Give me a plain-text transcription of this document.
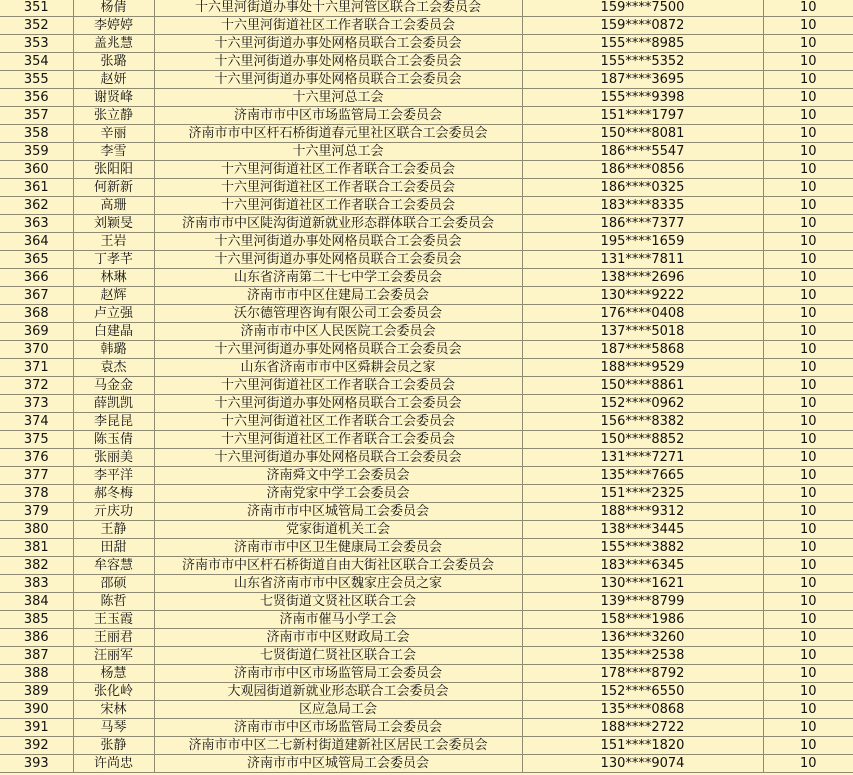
351	杨倩	十六里河街道办事处十六里河管区联合工会委员会	159****7500	10
352	李婷婷	十六里河街道社区工作者联合工会委员会	159****0872	10
353	盖兆慧	十六里河街道办事处网格员联合工会委员会	155****8985	10
354	张璐	十六里河街道办事处网格员联合工会委员会	155****5352	10
355	赵妍	十六里河街道办事处网格员联合工会委员会	187****3695	10
356	谢贤峰	十六里河总工会	155****9398	10
357	张立静	济南市市中区市场监管局工会委员会	151****1797	10
358	辛丽	济南市市中区杆石桥街道春元里社区联合工会委员会	150****8081	10
359	李雪	十六里河总工会	186****5547	10
360	张阳阳	十六里河街道社区工作者联合工会委员会	186****0856	10
361	何新新	十六里河街道社区工作者联合工会委员会	186****0325	10
362	高珊	十六里河街道社区工作者联合工会委员会	183****8335	10
363	刘颖旻	济南市市中区陡沟街道新就业形态群体联合工会委员会	186****7377	10
364	王岩	十六里河街道办事处网格员联合工会委员会	195****1659	10
365	丁孝芊	十六里河街道办事处网格员联合工会委员会	131****7811	10
366	林琳	山东省济南第二十七中学工会委员会	138****2696	10
367	赵辉	济南市市中区住建局工会委员会	130****9222	10
368	卢立强	沃尔德管理咨询有限公司工会委员会	176****0408	10
369	白建晶	济南市市中区人民医院工会委员会	137****5018	10
370	韩璐	十六里河街道办事处网格员联合工会委员会	187****5868	10
371	袁杰	山东省济南市市中区舜耕会员之家	188****9529	10
372	马金金	十六里河街道社区工作者联合工会委员会	150****8861	10
373	薛凯凯	十六里河街道办事处网格员联合工会委员会	152****0962	10
374	李昆昆	十六里河街道社区工作者联合工会委员会	156****8382	10
375	陈玉倩	十六里河街道社区工作者联合工会委员会	150****8852	10
376	张丽美	十六里河街道办事处网格员联合工会委员会	131****7271	10
377	李平洋	济南舜文中学工会委员会	135****7665	10
378	郝冬梅	济南党家中学工会委员会	151****2325	10
379	亓庆功	济南市市中区城管局工会委员会	188****9312	10
380	王静	党家街道机关工会	138****3445	10
381	田甜	济南市市中区卫生健康局工会委员会	155****3882	10
382	牟容慧	济南市市中区杆石桥街道自由大街社区联合工会委员会	183****6345	10
383	邵硕	山东省济南市市中区魏家庄会员之家	130****1621	10
384	陈哲	七贤街道文贤社区联合工会	139****8799	10
385	王玉霞	济南市催马小学工会	158****1986	10
386	王丽君	济南市市中区财政局工会	136****3260	10
387	汪丽军	七贤街道仁贤社区联合工会	135****2538	10
388	杨慧	济南市市中区市场监管局工会委员会	178****8792	10
389	张化岭	大观园街道新就业形态联合工会委员会	152****6550	10
390	宋林	区应急局工会	135****0868	10
391	马琴	济南市市中区市场监管局工会委员会	188****2722	10
392	张静	济南市市中区二七新村街道建新社区居民工会委员会	151****1820	10
393	许尚忠	济南市市中区城管局工会委员会	130****9074	10
